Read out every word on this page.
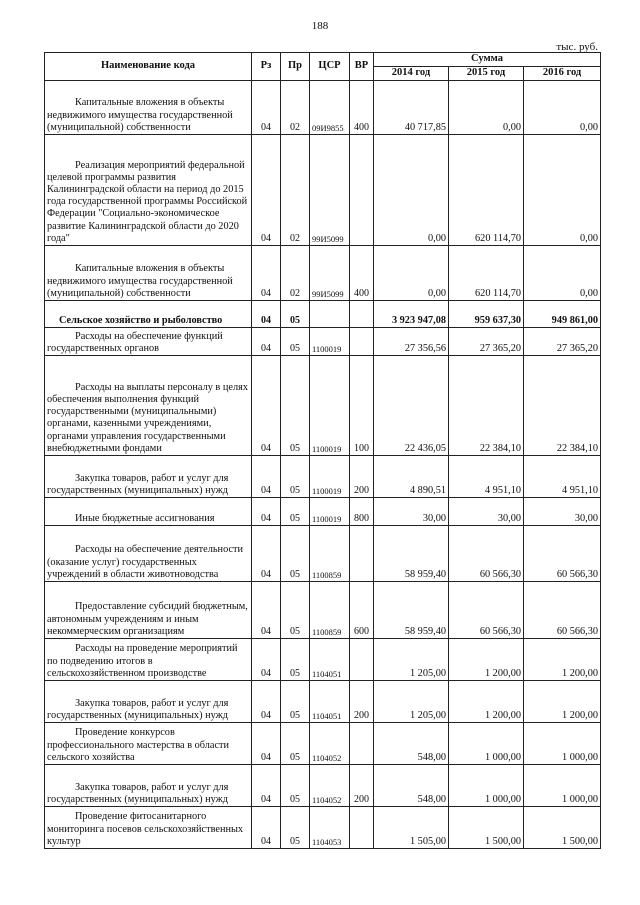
188
тыс. руб.
Наименование кода	Рз	Пр	ЦСР	ВР	Сумма		
					2014 год	2015 год	2016 год

Капитальные вложения в объекты недвижимого имущества государственной (муниципальной) собственности	04	02	09И9855	400	40 717,85	0,00	0,00

Реализация мероприятий федеральной целевой программы развития Калининградской области на период до 2015 года государственной программы Российской Федерации "Социально-экономическое развитие Калининградской области до 2020 года"	04	02	99И5099		0,00	620 114,70	0,00

Капитальные вложения в объекты недвижимого имущества государственной (муниципальной) собственности	04	02	99И5099	400	0,00	620 114,70	0,00

Сельское хозяйство и рыболовство	04	05			3 923 947,08	959 637,30	949 861,00

Расходы на обеспечение функций государственных органов	04	05	1100019		27 356,56	27 365,20	27 365,20

Расходы на выплаты персоналу в целях обеспечения выполнения функций государственными (муниципальными) органами, казенными учреждениями, органами управления государственными внебюджетными фондами	04	05	1100019	100	22 436,05	22 384,10	22 384,10

Закупка товаров, работ и услуг для государственных (муниципальных) нужд	04	05	1100019	200	4 890,51	4 951,10	4 951,10

Иные бюджетные ассигнования	04	05	1100019	800	30,00	30,00	30,00

Расходы на обеспечение деятельности (оказание услуг) государственных учреждений в области животноводства	04	05	1100859		58 959,40	60 566,30	60 566,30

Предоставление субсидий бюджетным, автономным учреждениям и иным некоммерческим организациям	04	05	1100859	600	58 959,40	60 566,30	60 566,30

Расходы на проведение мероприятий по подведению итогов в сельскохозяйственном производстве	04	05	1104051		1 205,00	1 200,00	1 200,00

Закупка товаров, работ и услуг для государственных (муниципальных) нужд	04	05	1104051	200	1 205,00	1 200,00	1 200,00

Проведение конкурсов профессионального мастерства в области сельского хозяйства	04	05	1104052		548,00	1 000,00	1 000,00

Закупка товаров, работ и услуг для государственных (муниципальных) нужд	04	05	1104052	200	548,00	1 000,00	1 000,00

Проведение фитосанитарного мониторинга посевов сельскохозяйственных культур	04	05	1104053		1 505,00	1 500,00	1 500,00
